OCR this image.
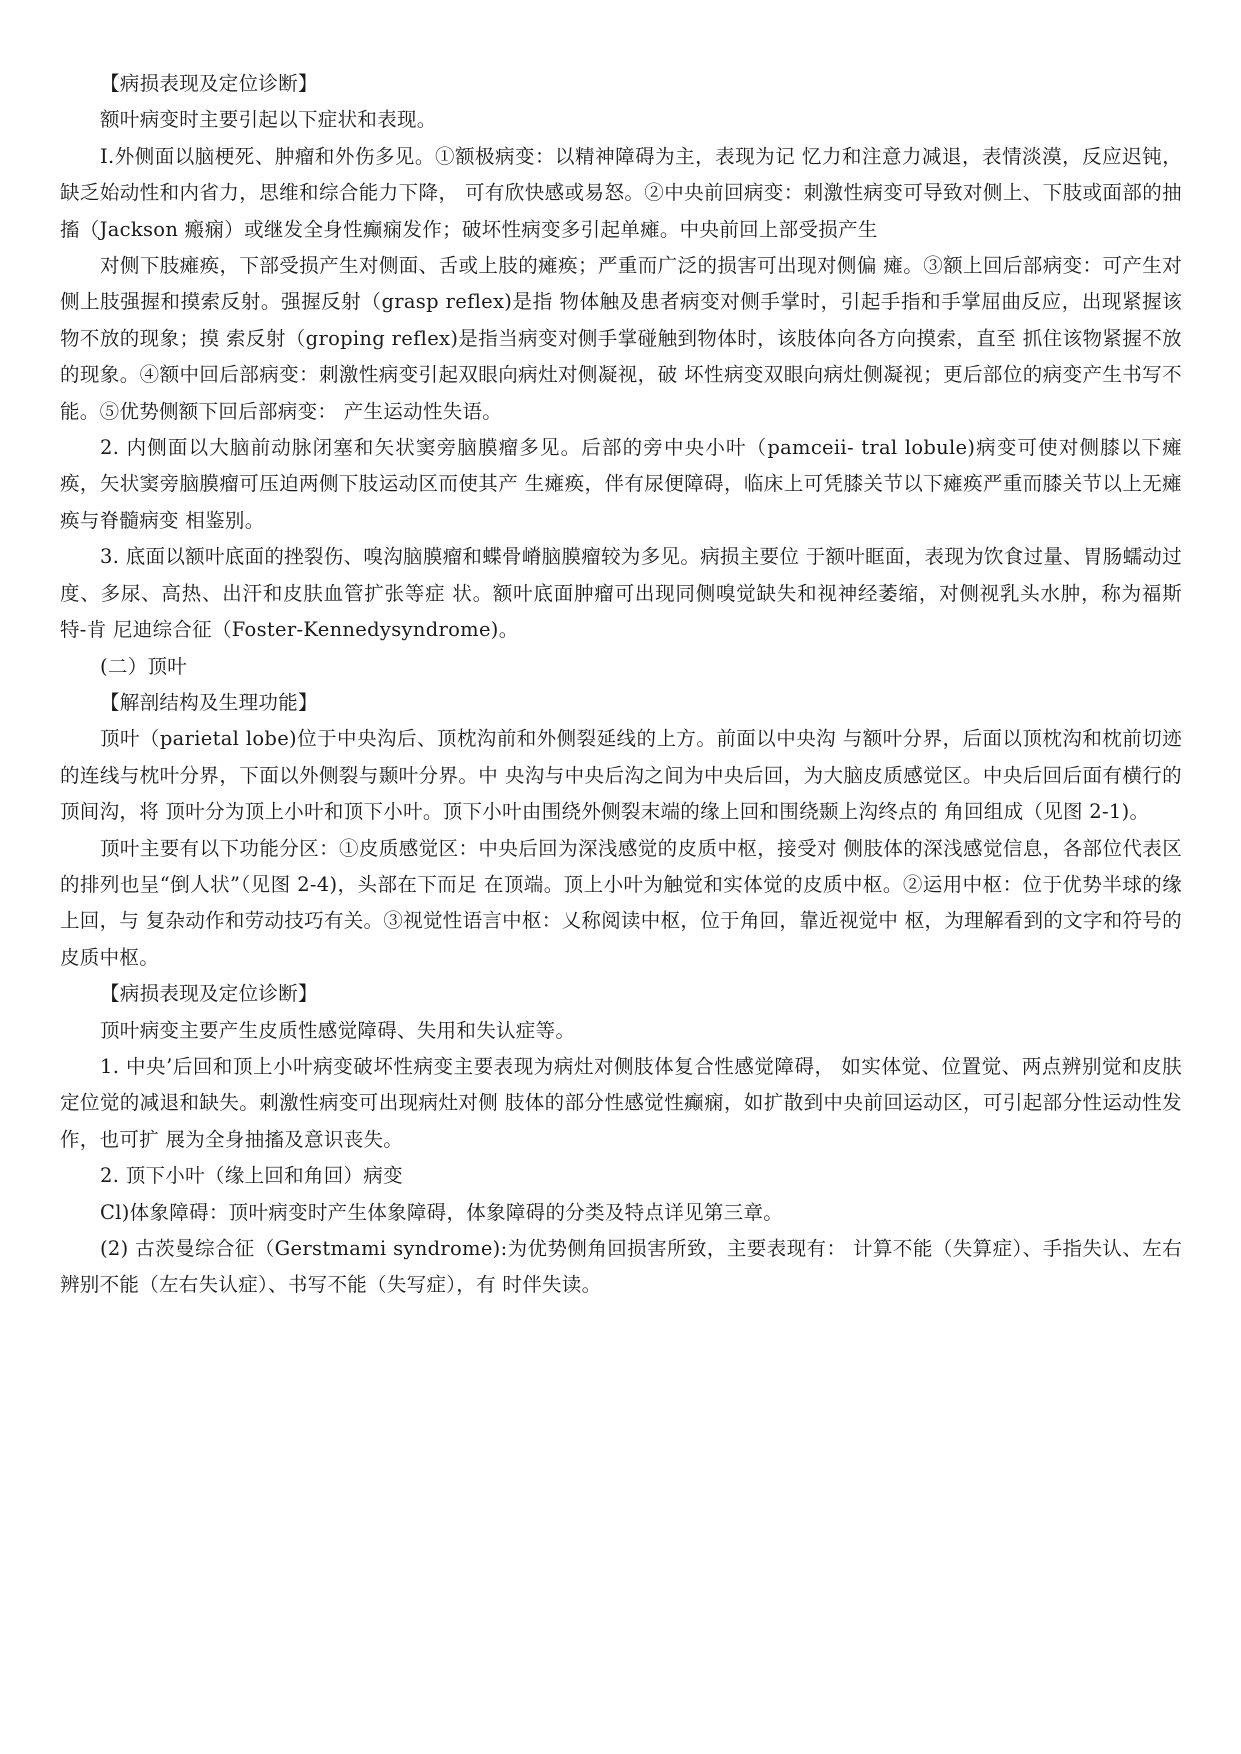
【病损表现及定位诊断】

额叶病变时主要引起以下症状和表现。

I.外侧面以脑梗死、肿瘤和外伤多见。①额极病变：以精神障碍为主，表现为记 忆力和注意力减退，表情淡漠，反应迟钝，缺乏始动性和内省力，思维和综合能力下降， 可有欣快感或易怒。②中央前回病变：刺激性病变可导致对侧上、下肢或面部的抽搐（Jackson 瘢痫）或继发全身性癫痫发作；破坏性病变多引起单瘫。中央前回上部受损产生

对侧下肢瘫痪，下部受损产生对侧面、舌或上肢的瘫痪；严重而广泛的损害可出现对侧偏 瘫。③额上回后部病变：可产生对侧上肢强握和摸索反射。强握反射（grasp reflex)是指 物体触及患者病变对侧手掌时，引起手指和手掌屈曲反应，出现紧握该物不放的现象；摸 索反射（groping reflex)是指当病变对侧手掌碰触到物体时，该肢体向各方向摸索，直至 抓住该物紧握不放的现象。④额中回后部病变：刺激性病变引起双眼向病灶对侧凝视，破 坏性病变双眼向病灶侧凝视；更后部位的病变产生书写不能。⑤优势侧额下回后部病变： 产生运动性失语。

2. 内侧面以大脑前动脉闭塞和矢状窦旁脑膜瘤多见。后部的旁中央小叶（pamceii- tral lobule)病变可使对侧膝以下瘫痪，矢状窦旁脑膜瘤可压迫两侧下肢运动区而使其产 生瘫痪，伴有尿便障碍，临床上可凭膝关节以下瘫痪严重而膝关节以上无瘫痪与脊髓病变 相鉴别。

3. 底面以额叶底面的挫裂伤、嗅沟脑膜瘤和蝶骨嵴脑膜瘤较为多见。病损主要位 于额叶眶面，表现为饮食过量、胃肠蠕动过度、多尿、高热、出汗和皮肤血管扩张等症 状。额叶底面肿瘤可出现同侧嗅觉缺失和视神经萎缩，对侧视乳头水肿，称为福斯特-肯 尼迪综合征（Foster-Kennedysyndrome)。

(二）顶叶

【解剖结构及生理功能】

顶叶（parietal lobe)位于中央沟后、顶枕沟前和外侧裂延线的上方。前面以中央沟 与额叶分界，后面以顶枕沟和枕前切迹的连线与枕叶分界，下面以外侧裂与颞叶分界。中 央沟与中央后沟之间为中央后回，为大脑皮质感觉区。中央后回后面有横行的顶间沟，将 顶叶分为顶上小叶和顶下小叶。顶下小叶由围绕外侧裂末端的缘上回和围绕颞上沟终点的 角回组成（见图 2-1)。

顶叶主要有以下功能分区：①皮质感觉区：中央后回为深浅感觉的皮质中枢，接受对 侧肢体的深浅感觉信息，各部位代表区的排列也呈“倒人状”（见图 2-4)，头部在下而足 在顶端。顶上小叶为触觉和实体觉的皮质中枢。②运用中枢：位于优势半球的缘上回，与 复杂动作和劳动技巧有关。③视觉性语言中枢：乂称阅读中枢，位于角回，靠近视觉中 枢，为理解看到的文字和符号的皮质中枢。

【病损表现及定位诊断】

顶叶病变主要产生皮质性感觉障碍、失用和失认症等。

1. 中央’后回和顶上小叶病变破坏性病变主要表现为病灶对侧肢体复合性感觉障碍， 如实体觉、位置觉、两点辨别觉和皮肤定位觉的减退和缺失。刺激性病变可出现病灶对侧 肢体的部分性感觉性癫痫，如扩散到中央前回运动区，可引起部分性运动性发作，也可扩 展为全身抽搐及意识丧失。

2. 顶下小叶（缘上回和角回）病变

Cl)体象障碍：顶叶病变时产生体象障碍，体象障碍的分类及特点详见第三章。

(2) 古茨曼综合征（Gerstmami syndrome):为优势侧角回损害所致，主要表现有： 计算不能（失算症）、手指失认、左右辨别不能（左右失认症）、书写不能（失写症），有 时伴失读。
